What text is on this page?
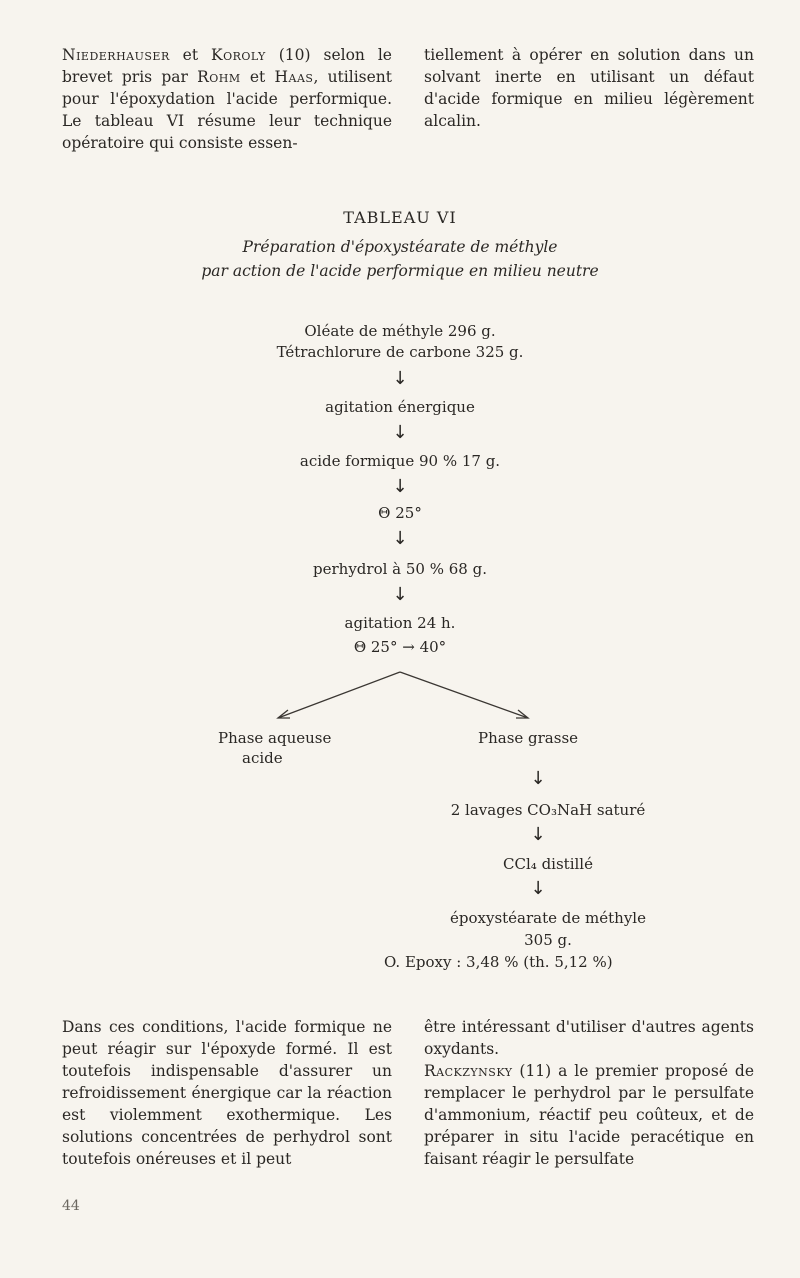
Niederhauser et Koroly (10) selon le brevet pris par Rohm et Haas, utilisent pour l'époxydation l'acide performique. Le tableau VI résume leur technique opératoire qui consiste essen-

tiellement à opérer en solution dans un solvant inerte en utilisant un défaut d'acide formique en milieu légèrement alcalin.

TABLEAU VI
Préparation d'époxystéarate de méthyle
par action de l'acide performique en milieu neutre
Oléate de méthyle 296 g.
Tétrachlorure de carbone 325 g.
↓
agitation énergique
↓
acide formique 90 % 17 g.
↓
Θ 25°
↓
perhydrol à 50 % 68 g.
↓
agitation 24 h.
Θ 25° → 40°
Phase aqueuse
acide
Phase grasse
↓
2 lavages CO₃NaH saturé
↓
CCl₄ distillé
↓
époxystéarate de méthyle
305 g.
O. Epoxy : 3,48 % (th. 5,12 %)

Dans ces conditions, l'acide formique ne peut réagir sur l'époxyde formé. Il est toutefois indispensable d'assurer un refroidissement énergique car la réaction est violemment exothermique. Les solutions concentrées de perhydrol sont toutefois onéreuses et il peut

être intéressant d'utiliser d'autres agents oxydants.

Rackzynsky (11) a le premier proposé de remplacer le perhydrol par le persulfate d'ammonium, réactif peu coûteux, et de préparer in situ l'acide peracétique en faisant réagir le persulfate

44
